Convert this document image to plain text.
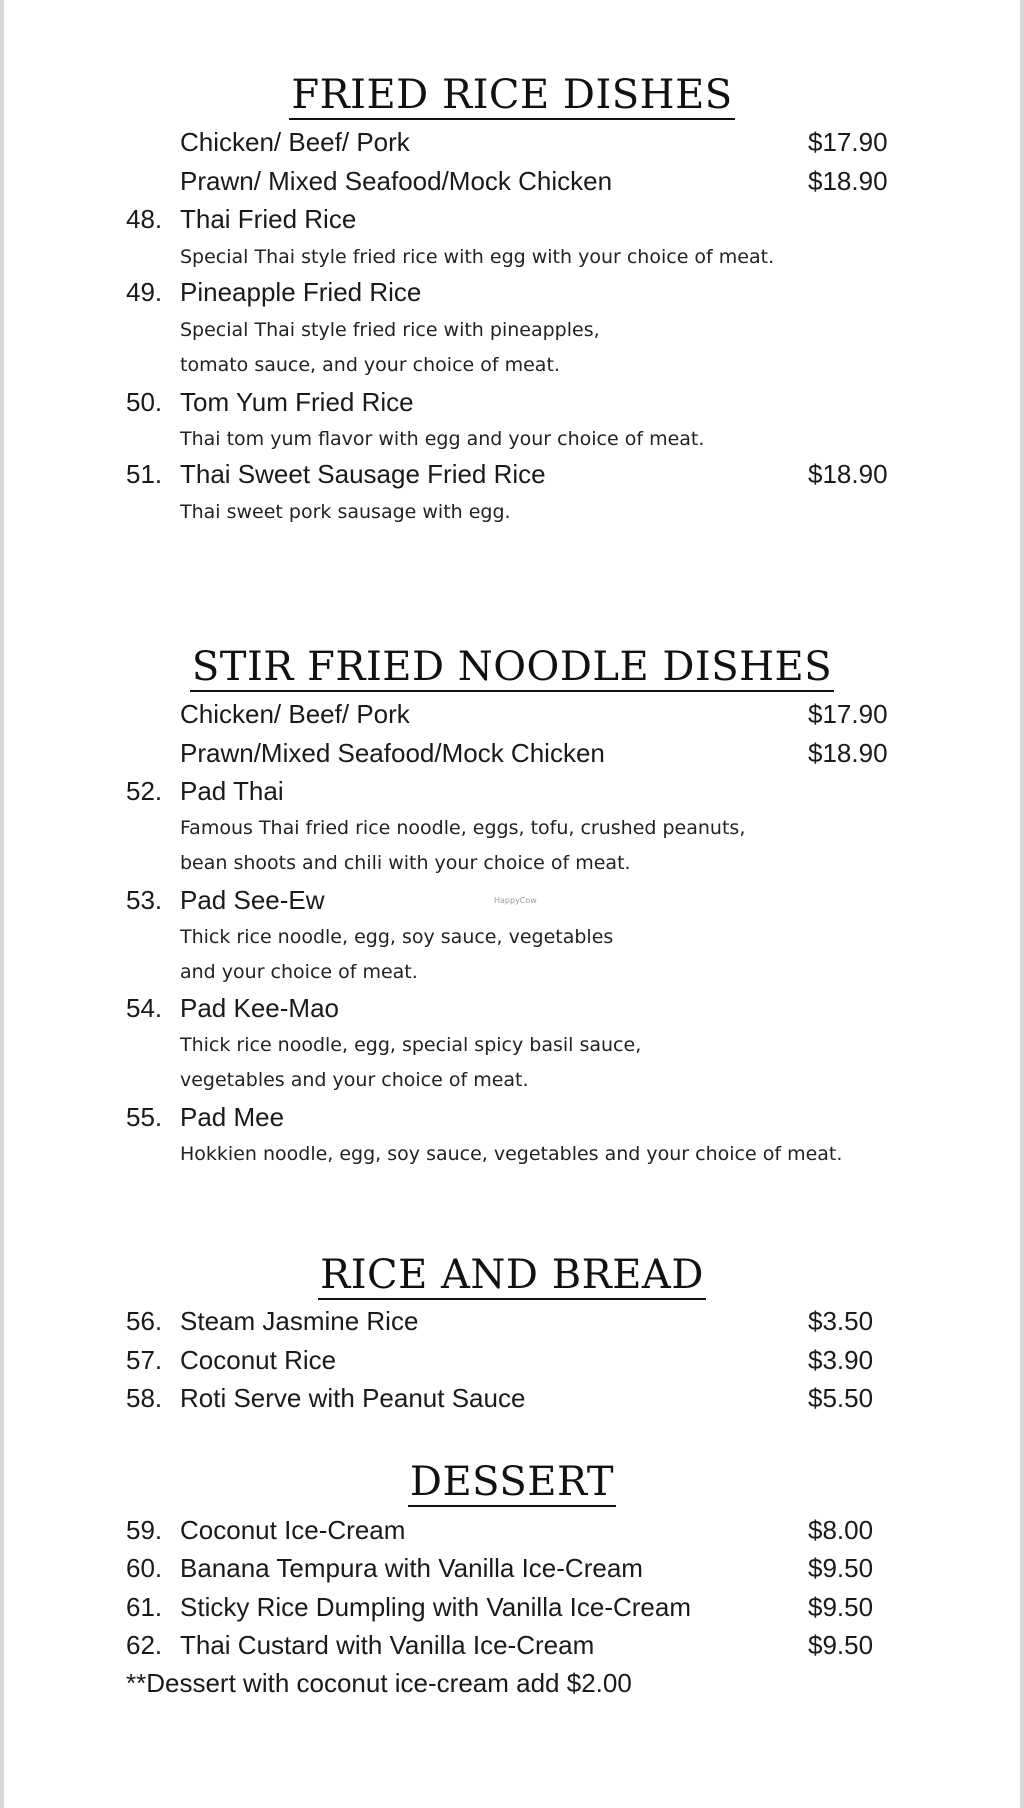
FRIED RICE DISHES
Chicken/ Beef/ Pork	$17.90
Prawn/ Mixed Seafood/Mock Chicken	$18.90
48. Thai Fried Rice
Special Thai style fried rice with egg with your choice of meat.
49. Pineapple Fried Rice
Special Thai style fried rice with pineapples,
tomato sauce, and your choice of meat.
50. Tom Yum Fried Rice
Thai tom yum flavor with egg and your choice of meat.
51. Thai Sweet Sausage Fried Rice	$18.90
Thai sweet pork sausage with egg.
STIR FRIED NOODLE DISHES
Chicken/ Beef/ Pork	$17.90
Prawn/Mixed Seafood/Mock Chicken	$18.90
52. Pad Thai
Famous Thai fried rice noodle, eggs, tofu, crushed peanuts,
bean shoots and chili with your choice of meat.
53. Pad See-Ew
Thick rice noodle, egg, soy sauce, vegetables
and your choice of meat.
54. Pad Kee-Mao
Thick rice noodle, egg, special spicy basil sauce,
vegetables and your choice of meat.
55. Pad Mee
Hokkien noodle, egg, soy sauce, vegetables and your choice of meat.
RICE AND BREAD
56. Steam Jasmine Rice	$3.50
57. Coconut Rice	$3.90
58. Roti Serve with Peanut Sauce	$5.50
DESSERT
59. Coconut Ice-Cream	$8.00
60. Banana Tempura with Vanilla Ice-Cream	$9.50
61. Sticky Rice Dumpling with Vanilla Ice-Cream	$9.50
62. Thai Custard with Vanilla Ice-Cream	$9.50
**Dessert with coconut ice-cream add $2.00
HappyCow
